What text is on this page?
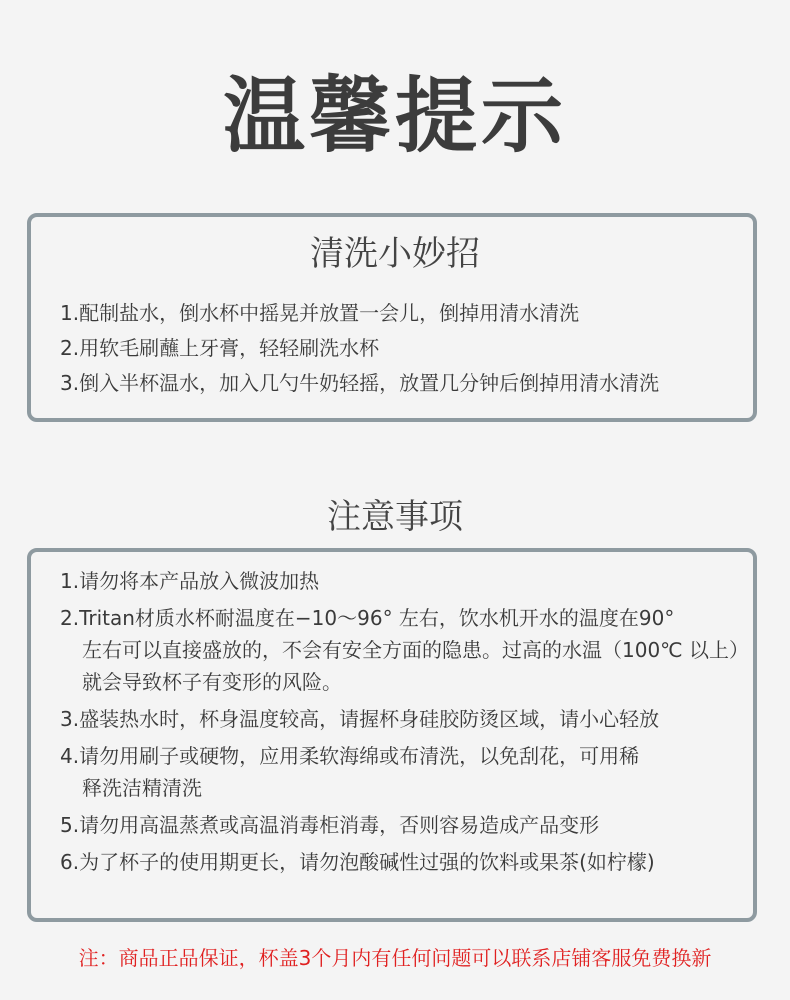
温馨提示
清洗小妙招
1.配制盐水，倒水杯中摇晃并放置一会儿，倒掉用清水清洗
2.用软毛刷蘸上牙膏，轻轻刷洗水杯
3.倒入半杯温水，加入几勺牛奶轻摇，放置几分钟后倒掉用清水清洗
注意事项
1.请勿将本产品放入微波加热
2.Tritan材质水杯耐温度在−10～96° 左右，饮水机开水的温度在90°
左右可以直接盛放的，不会有安全方面的隐患。过高的水温（100℃ 以上）就会导致杯子有变形的风险。
3.盛装热水时，杯身温度较高，请握杯身硅胶防烫区域，请小心轻放
4.请勿用刷子或硬物，应用柔软海绵或布清洗，以免刮花，可用稀
释洗洁精清洗
5.请勿用高温蒸煮或高温消毒柜消毒，否则容易造成产品变形
6.为了杯子的使用期更长，请勿泡酸碱性过强的饮料或果茶(如柠檬)
注：商品正品保证，杯盖3个月内有任何问题可以联系店铺客服免费换新
